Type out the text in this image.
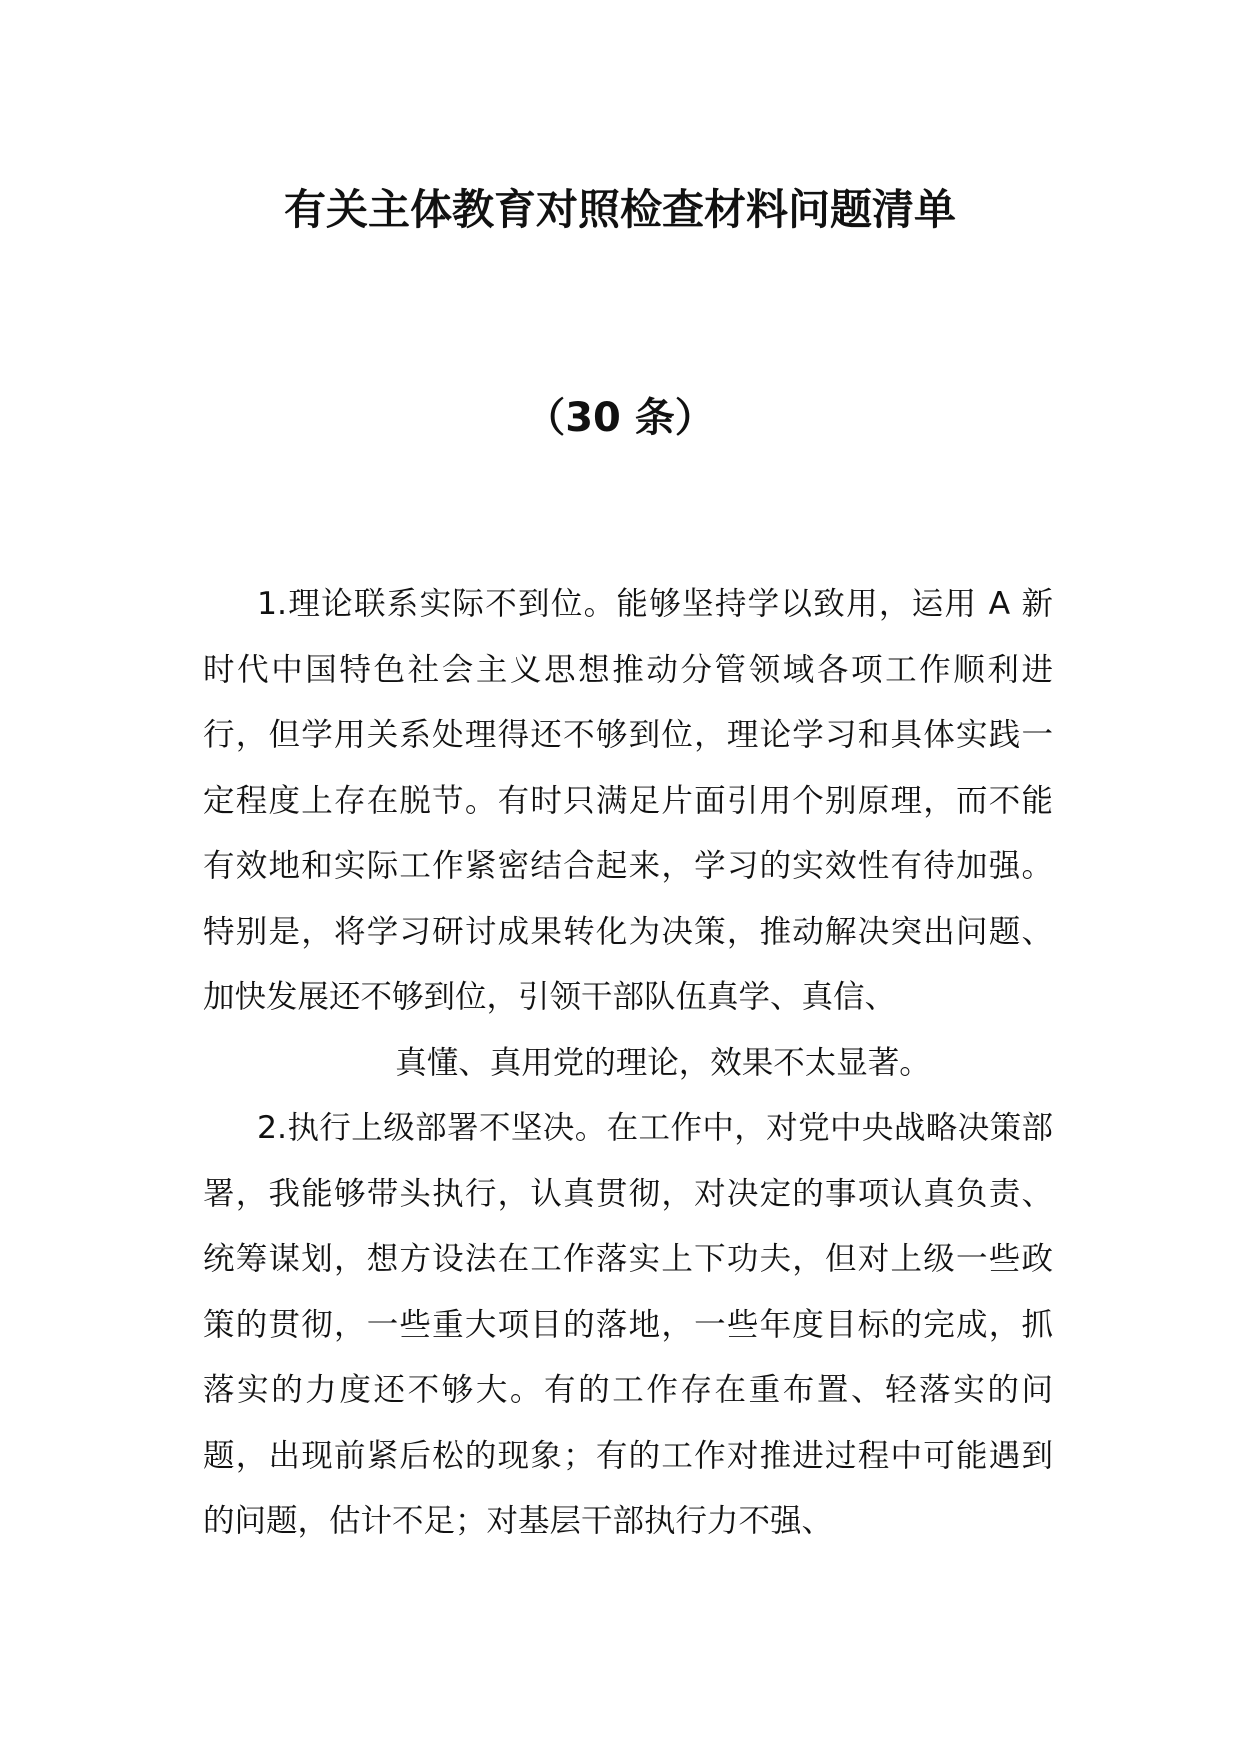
有关主体教育对照检查材料问题清单
（30 条）

1.理论联系实际不到位。能够坚持学以致用，运用 A 新时代中国特色社会主义思想推动分管领域各项工作顺利进行，但学用关系处理得还不够到位，理论学习和具体实践一定程度上存在脱节。有时只满足片面引用个别原理，而不能有效地和实际工作紧密结合起来，学习的实效性有待加强。特别是，将学习研讨成果转化为决策，推动解决突出问题、加快发展还不够到位，引领干部队伍真学、真信、

真懂、真用党的理论，效果不太显著。

2.执行上级部署不坚决。在工作中，对党中央战略决策部署，我能够带头执行，认真贯彻，对决定的事项认真负责、统筹谋划，想方设法在工作落实上下功夫，但对上级一些政策的贯彻，一些重大项目的落地，一些年度目标的完成，抓落实的力度还不够大。有的工作存在重布置、轻落实的问题，出现前紧后松的现象；有的工作对推进过程中可能遇到的问题，估计不足；对基层干部执行力不强、
